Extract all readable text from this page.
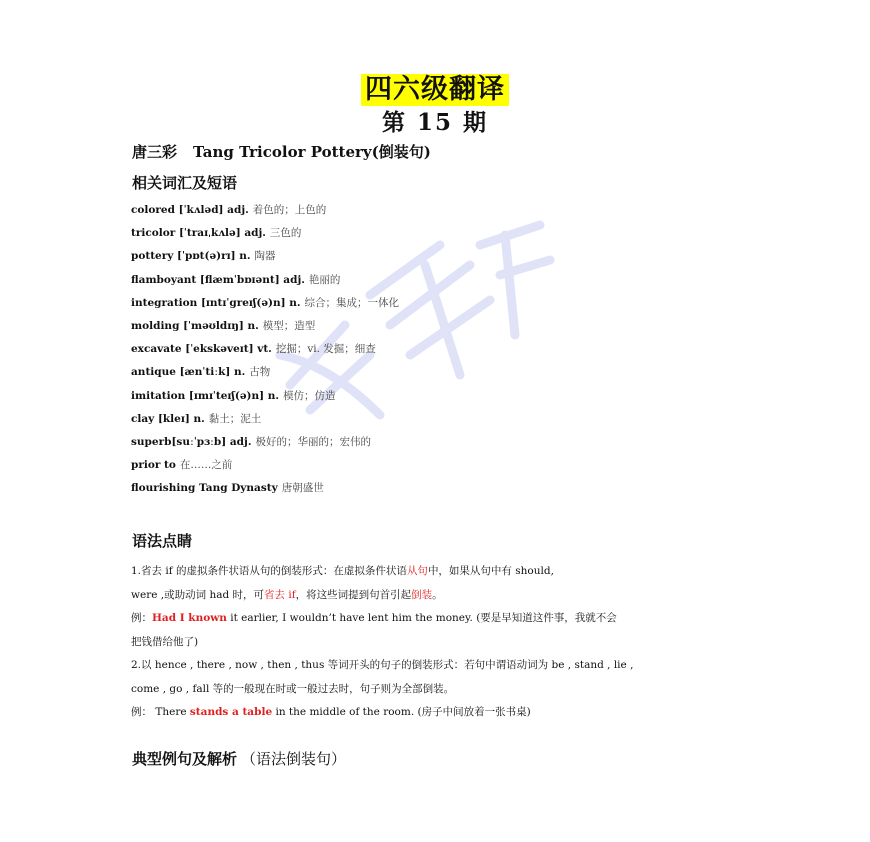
四六级翻译
第 15 期
唐三彩 Tang Tricolor Pottery(倒装句)
相关词汇及短语
colored [ˈkʌləd] adj. 着色的；上色的
tricolor [ˈtraɪˌkʌlə] adj. 三色的
pottery [ˈpɒt(ə)rɪ] n. 陶器
flamboyant [flæmˈbɒɪənt] adj. 艳丽的
integration [ɪntɪˈgreɪʃ(ə)n] n. 综合；集成；一体化
molding [ˈməʊldɪŋ] n. 模型；造型
excavate [ˈekskəveɪt] vt. 挖掘；vi. 发掘；细查
antique [ænˈtiːk] n. 古物
imitation [ɪmɪˈteɪʃ(ə)n] n. 模仿；仿造
clay [kleɪ] n. 黏土；泥土
superb[suːˈpɜːb] adj. 极好的；华丽的；宏伟的
prior to 在……之前
flourishing Tang Dynasty 唐朝盛世
语法点睛

1.省去 if 的虚拟条件状语从句的倒装形式：在虚拟条件状语从句中，如果从句中有 should,

were ,或助动词 had 时，可省去 if，将这些词提到句首引起倒装。

例：Had I known it earlier, I wouldn’t have lent him the money. (要是早知道这件事，我就不会

把钱借给他了)

2.以 hence , there , now , then , thus 等词开头的句子的倒装形式：若句中谓语动词为 be , stand , lie ,

come , go , fall 等的一般现在时或一般过去时，句子则为全部倒装。

例： There stands a table in the middle of the room. (房子中间放着一张书桌)

典型例句及解析 （语法倒装句）
